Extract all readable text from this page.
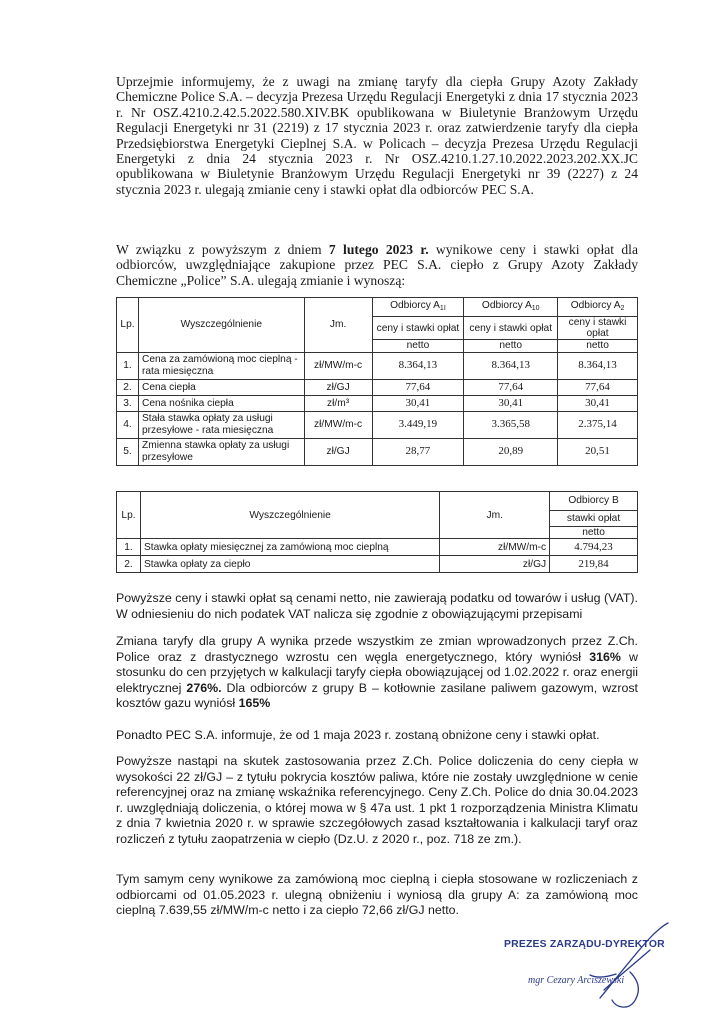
Uprzejmie informujemy, że z uwagi na zmianę taryfy dla ciepła Grupy Azoty Zakłady Chemiczne Police S.A. – decyzja Prezesa Urzędu Regulacji Energetyki z dnia 17 stycznia 2023 r. Nr OSZ.4210.2.42.5.2022.580.XIV.BK opublikowana w Biuletynie Branżowym Urzędu Regulacji Energetyki nr 31 (2219) z 17 stycznia 2023 r. oraz zatwierdzenie taryfy dla ciepła Przedsiębiorstwa Energetyki Cieplnej S.A. w Policach – decyzja Prezesa Urzędu Regulacji Energetyki z dnia 24 stycznia 2023 r. Nr OSZ.4210.1.27.10.2022.2023.202.XX.JC opublikowana w Biuletynie Branżowym Urzędu Regulacji Energetyki nr 39 (2227) z 24 stycznia 2023 r. ulegają zmianie ceny i stawki opłat dla odbiorców PEC S.A.

W związku z powyższym z dniem 7 lutego 2023 r. wynikowe ceny i stawki opłat dla odbiorców, uwzględniające zakupione przez PEC S.A. ciepło z Grupy Azoty Zakłady Chemiczne „Police” S.A. ulegają zmianie i wynoszą:

Lp.	Wyszczególnienie	Jm.	Odbiorcy $A_{1I}$	Odbiorcy $A_{10}$	Odbiorcy $A_2$
			ceny i stawki opłat	ceny i stawki opłat	ceny i stawki opłat
			netto	netto	netto
1.	Cena za zamówioną moc cieplną - rata miesięczna	zł/MW/m-c	8.364,13	8.364,13	8.364,13
2.	Cena ciepła	zł/GJ	77,64	77,64	77,64
3.	Cena nośnika ciepła	zł/m³	30,41	30,41	30,41
4.	Stała stawka opłaty za usługi przesyłowe - rata miesięczna	zł/MW/m-c	3.449,19	3.365,58	2.375,14
5.	Zmienna stawka opłaty za usługi przesyłowe	zł/GJ	28,77	20,89	20,51
Lp.	Wyszczególnienie	Jm.	Odbiorcy B
			stawki opłat
			netto
1.	Stawka opłaty miesięcznej za zamówioną moc cieplną	zł/MW/m-c	4.794,23
2.	Stawka opłaty za ciepło	zł/GJ	219,84

Powyższe ceny i stawki opłat są cenami netto, nie zawierają podatku od towarów i usług (VAT). W odniesieniu do nich podatek VAT nalicza się zgodnie z obowiązującymi przepisami

Zmiana taryfy dla grupy A wynika przede wszystkim ze zmian wprowadzonych przez Z.Ch. Police oraz z drastycznego wzrostu cen węgla energetycznego, który wyniósł 316% w stosunku do cen przyjętych w kalkulacji taryfy ciepła obowiązującej od 1.02.2022 r. oraz energii elektrycznej 276%. Dla odbiorców z grupy B – kotłownie zasilane paliwem gazowym, wzrost kosztów gazu wyniósł 165%

Ponadto PEC S.A. informuje, że od 1 maja 2023 r. zostaną obniżone ceny i stawki opłat.

Powyższe nastąpi na skutek zastosowania przez Z.Ch. Police doliczenia do ceny ciepła w wysokości 22 zł/GJ – z tytułu pokrycia kosztów paliwa, które nie zostały uwzględnione w cenie referencyjnej oraz na zmianę wskaźnika referencyjnego. Ceny Z.Ch. Police do dnia 30.04.2023 r. uwzględniają doliczenia, o której mowa w § 47a ust. 1 pkt 1 rozporządzenia Ministra Klimatu z dnia 7 kwietnia 2020 r. w sprawie szczegółowych zasad kształtowania i kalkulacji taryf oraz rozliczeń z tytułu zaopatrzenia w ciepło (Dz.U. z 2020 r., poz. 718 ze zm.).

Tym samym ceny wynikowe za zamówioną moc cieplną i ciepła stosowane w rozliczeniach z odbiorcami od 01.05.2023 r. ulegną obniżeniu i wyniosą dla grupy A: za zamówioną moc cieplną 7.639,55 zł/MW/m-c netto i za ciepło 72,66 zł/GJ netto.

PREZES ZARZĄDU-DYREKTOR
mgr Cezary Arciszewski
